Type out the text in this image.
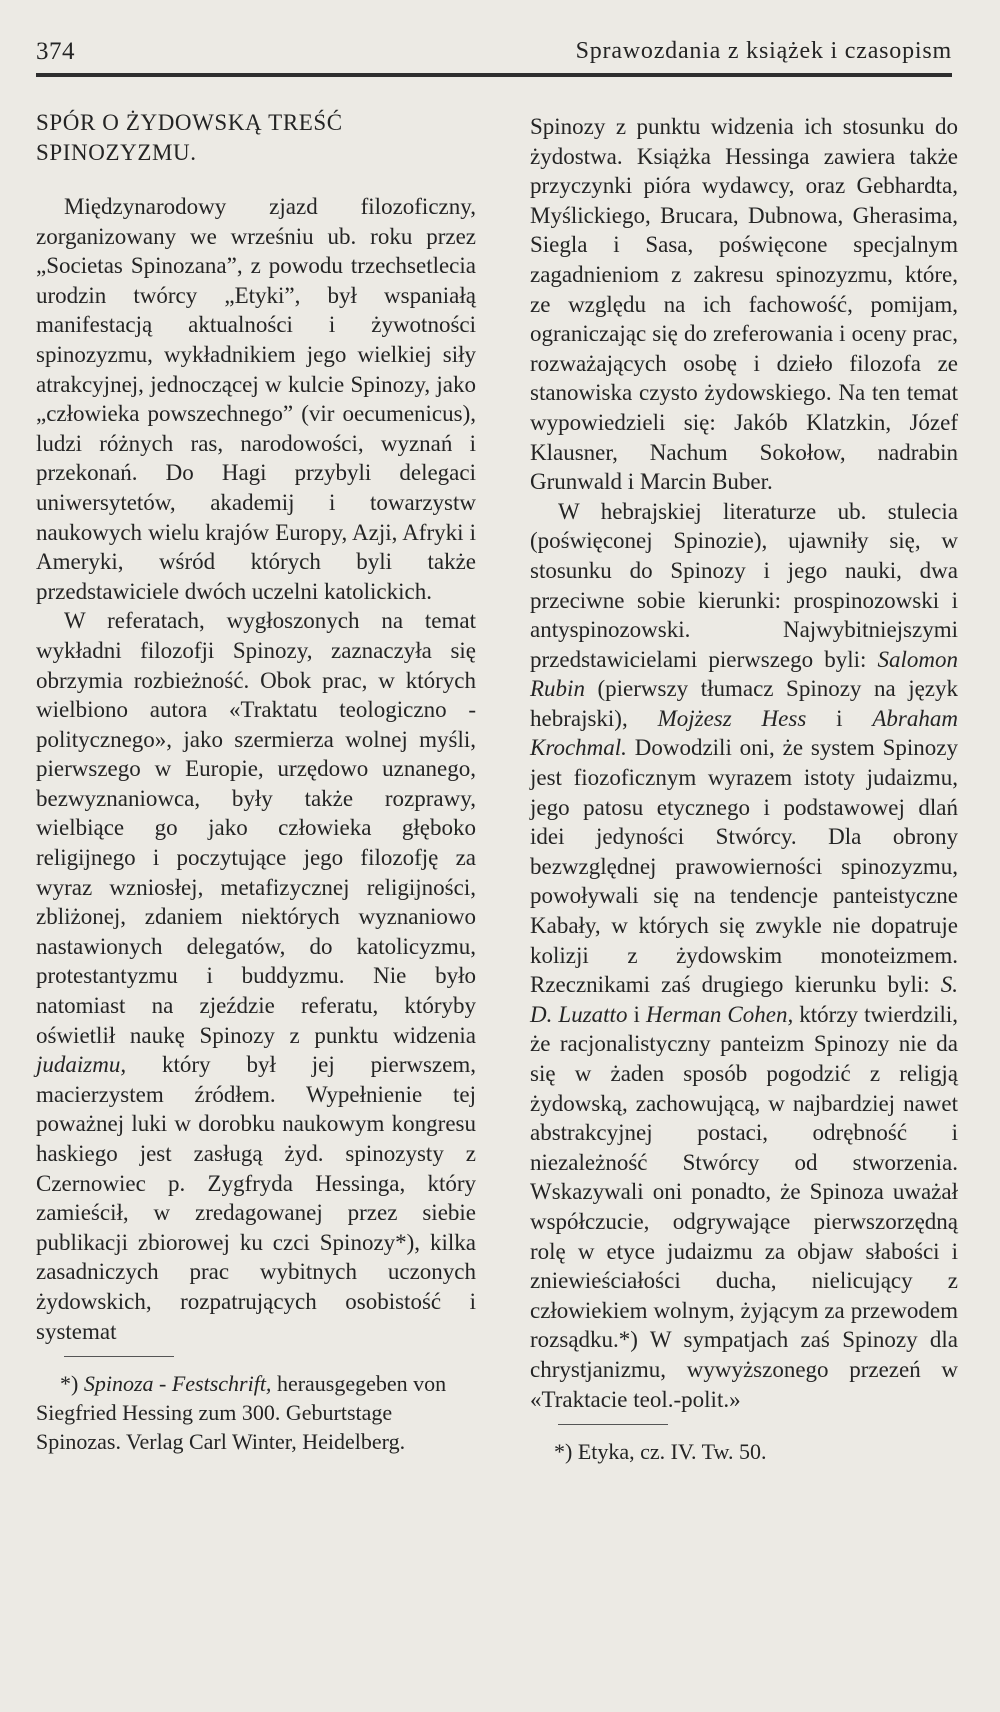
374	Sprawozdania z książek i czasopism
SPÓR O ŻYDOWSKĄ TREŚĆ
SPINOZYZMU.

Międzynarodowy zjazd filozoficzny, zorganizowany we wrześniu ub. roku przez „Societas Spinozana”, z powodu trzechsetlecia urodzin twórcy „Etyki”, był wspaniałą manifestacją aktualności i żywotności spinozyzmu, wykładnikiem jego wielkiej siły atrakcyjnej, jednoczącej w kulcie Spinozy, jako „człowieka powszechnego” (vir oecumenicus), ludzi różnych ras, narodowości, wyznań i przekonań. Do Hagi przybyli delegaci uniwersytetów, akademij i towarzystw naukowych wielu krajów Europy, Azji, Afryki i Ameryki, wśród których byli także przedstawiciele dwóch uczelni katolickich.

W referatach, wygłoszonych na temat wykładni filozofji Spinozy, zaznaczyła się obrzymia rozbieżność. Obok prac, w których wielbiono autora «Traktatu teologiczno - politycznego», jako szermierza wolnej myśli, pierwszego w Europie, urzędowo uznanego, bezwyznaniowca, były także rozprawy, wielbiące go jako człowieka głęboko religijnego i poczytujące jego filozofję za wyraz wzniosłej, metafizycznej religijności, zbliżonej, zdaniem niektórych wyznaniowo nastawionych delegatów, do katolicyzmu, protestantyzmu i buddyzmu. Nie było natomiast na zjeździe referatu, któryby oświetlił naukę Spinozy z punktu widzenia judaizmu, który był jej pierwszem, macierzystem źródłem. Wypełnienie tej poważnej luki w dorobku naukowym kongresu haskiego jest zasługą żyd. spinozysty z Czernowiec p. Zygfryda Hessinga, który zamieścił, w zredagowanej przez siebie publikacji zbiorowej ku czci Spinozy*), kilka zasadniczych prac wybitnych uczonych żydowskich, rozpatrujących osobistość i systemat

*) Spinoza - Festschrift, herausgegeben von Siegfried Hessing zum 300. Geburtstage Spinozas. Verlag Carl Winter, Heidelberg.

Spinozy z punktu widzenia ich stosunku do żydostwa. Książka Hessinga zawiera także przyczynki pióra wydawcy, oraz Gebhardta, Myślickiego, Brucara, Dubnowa, Gherasima, Siegla i Sasa, poświęcone specjalnym zagadnieniom z zakresu spinozyzmu, które, ze względu na ich fachowość, pomijam, ograniczając się do zreferowania i oceny prac, rozważających osobę i dzieło filozofa ze stanowiska czysto żydowskiego. Na ten temat wypowiedzieli się: Jakób Klatzkin, Józef Klausner, Nachum Sokołow, nadrabin Grunwald i Marcin Buber.

W hebrajskiej literaturze ub. stulecia (poświęconej Spinozie), ujawniły się, w stosunku do Spinozy i jego nauki, dwa przeciwne sobie kierunki: prospinozowski i antyspinozowski. Najwybitniejszymi przedstawicielami pierwszego byli: Salomon Rubin (pierwszy tłumacz Spinozy na język hebrajski), Mojżesz Hess i Abraham Krochmal. Dowodzili oni, że system Spinozy jest fiozoficznym wyrazem istoty judaizmu, jego patosu etycznego i podstawowej dlań idei jedyności Stwórcy. Dla obrony bezwzględnej prawowierności spinozyzmu, powoływali się na tendencje panteistyczne Kabały, w których się zwykle nie dopatruje kolizji z żydowskim monoteizmem. Rzecznikami zaś drugiego kierunku byli: S. D. Luzatto i Herman Cohen, którzy twierdzili, że racjonalistyczny panteizm Spinozy nie da się w żaden sposób pogodzić z religją żydowską, zachowującą, w najbardziej nawet abstrakcyjnej postaci, odrębność i niezależność Stwórcy od stworzenia. Wskazywali oni ponadto, że Spinoza uważał współczucie, odgrywające pierwszorzędną rolę w etyce judaizmu za objaw słabości i zniewieściałości ducha, nielicujący z człowiekiem wolnym, żyjącym za przewodem rozsądku.*) W sympatjach zaś Spinozy dla chrystjanizmu, wywyższonego przezeń w «Traktacie teol.-polit.»

*) Etyka, cz. IV. Tw. 50.
